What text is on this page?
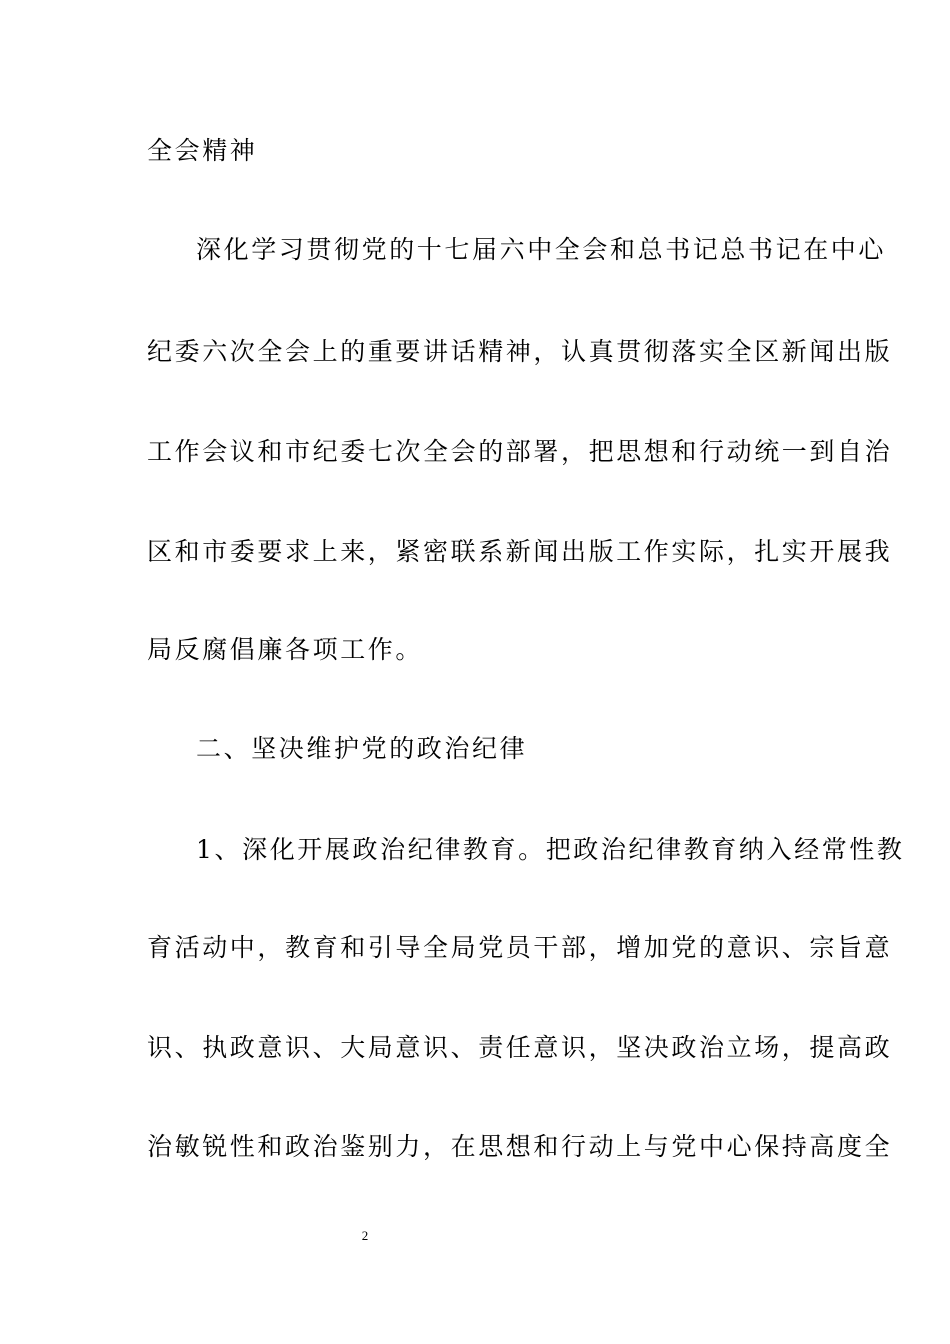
全会精神
深化学习贯彻党的十七届六中全会和总书记总书记在中心
纪委六次全会上的重要讲话精神，认真贯彻落实全区新闻出版
工作会议和市纪委七次全会的部署，把思想和行动统一到自治
区和市委要求上来，紧密联系新闻出版工作实际，扎实开展我
局反腐倡廉各项工作。
二、坚决维护党的政治纪律
1、深化开展政治纪律教育。把政治纪律教育纳入经常性教
育活动中，教育和引导全局党员干部，增加党的意识、宗旨意
识、执政意识、大局意识、责任意识，坚决政治立场，提高政
治敏锐性和政治鉴别力，在思想和行动上与党中心保持高度全
2
